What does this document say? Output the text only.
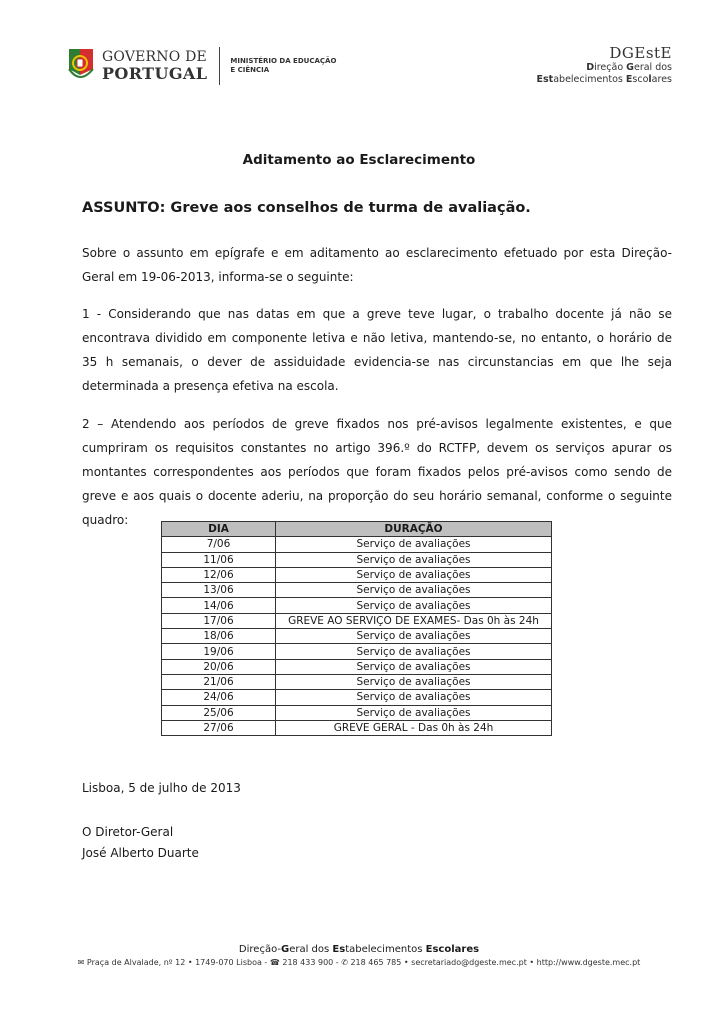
GOVERNO DE
PORTUGAL
MINISTÉRIO DA EDUCAÇÃO
E CIÊNCIA
DGEstE
Direção Geral dos
Estabelecimentos Escolares
Aditamento ao Esclarecimento
ASSUNTO: Greve aos conselhos de turma de avaliação.

Sobre o assunto em epígrafe e em aditamento ao esclarecimento efetuado por esta Direção-Geral em 19-06-2013, informa-se o seguinte:

1 - Considerando que nas datas em que a greve teve lugar, o trabalho docente já não se encontrava dividido em componente letiva e não letiva, mantendo-se, no entanto, o horário de 35 h semanais, o dever de assiduidade evidencia-se nas circunstancias em que lhe seja determinada a presença efetiva na escola.

2 – Atendendo aos períodos de greve fixados nos pré-avisos legalmente existentes, e que cumpriram os requisitos constantes no artigo 396.º do RCTFP, devem os serviços apurar os montantes correspondentes aos períodos que foram fixados pelos pré-avisos como sendo de greve e aos quais o docente aderiu, na proporção do seu horário semanal, conforme o seguinte quadro:

DIA	DURAÇÃO
7/06	Serviço de avaliações
11/06	Serviço de avaliações
12/06	Serviço de avaliações
13/06	Serviço de avaliações
14/06	Serviço de avaliações
17/06	GREVE AO SERVIÇO DE EXAMES- Das 0h às 24h
18/06	Serviço de avaliações
19/06	Serviço de avaliações
20/06	Serviço de avaliações
21/06	Serviço de avaliações
24/06	Serviço de avaliações
25/06	Serviço de avaliações
27/06	GREVE GERAL - Das 0h às 24h
Lisboa, 5 de julho de 2013
O Diretor-Geral
José Alberto Duarte
Direção-Geral dos Estabelecimentos Escolares
✉ Praça de Alvalade, nº 12 • 1749-070 Lisboa - ☎ 218 433 900 - ✆ 218 465 785 • secretariado@dgeste.mec.pt • http://www.dgeste.mec.pt
